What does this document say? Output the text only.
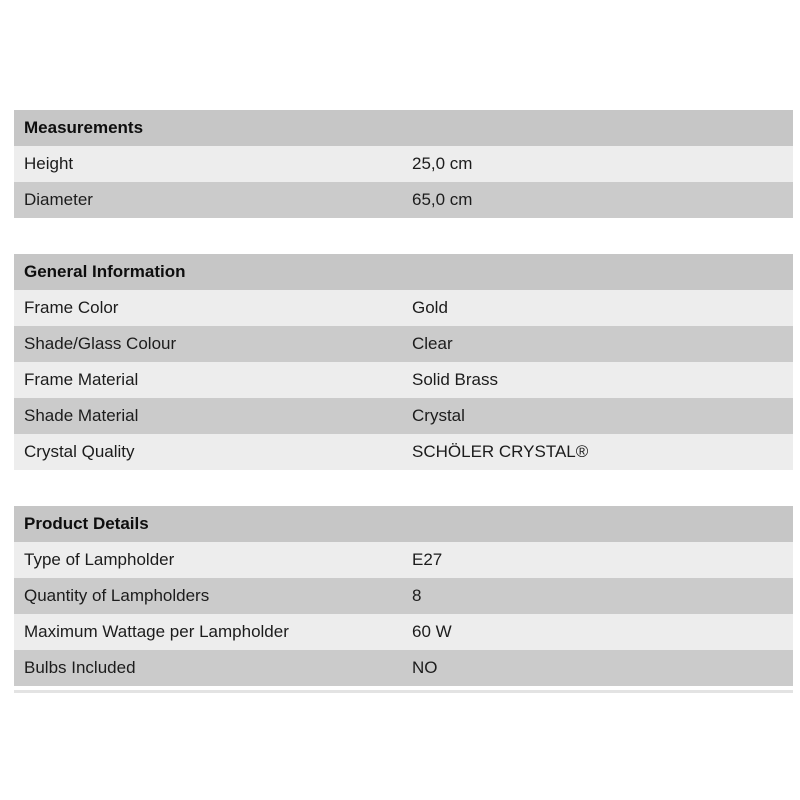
Measurements
Height	25,0 cm
Diameter	65,0 cm
General Information
Frame Color	Gold
Shade/Glass Colour	Clear
Frame Material	Solid Brass
Shade Material	Crystal
Crystal Quality	SCHÖLER CRYSTAL®
Product Details
Type of Lampholder	E27
Quantity of Lampholders	8
Maximum Wattage per Lampholder	60 W
Bulbs Included	NO
